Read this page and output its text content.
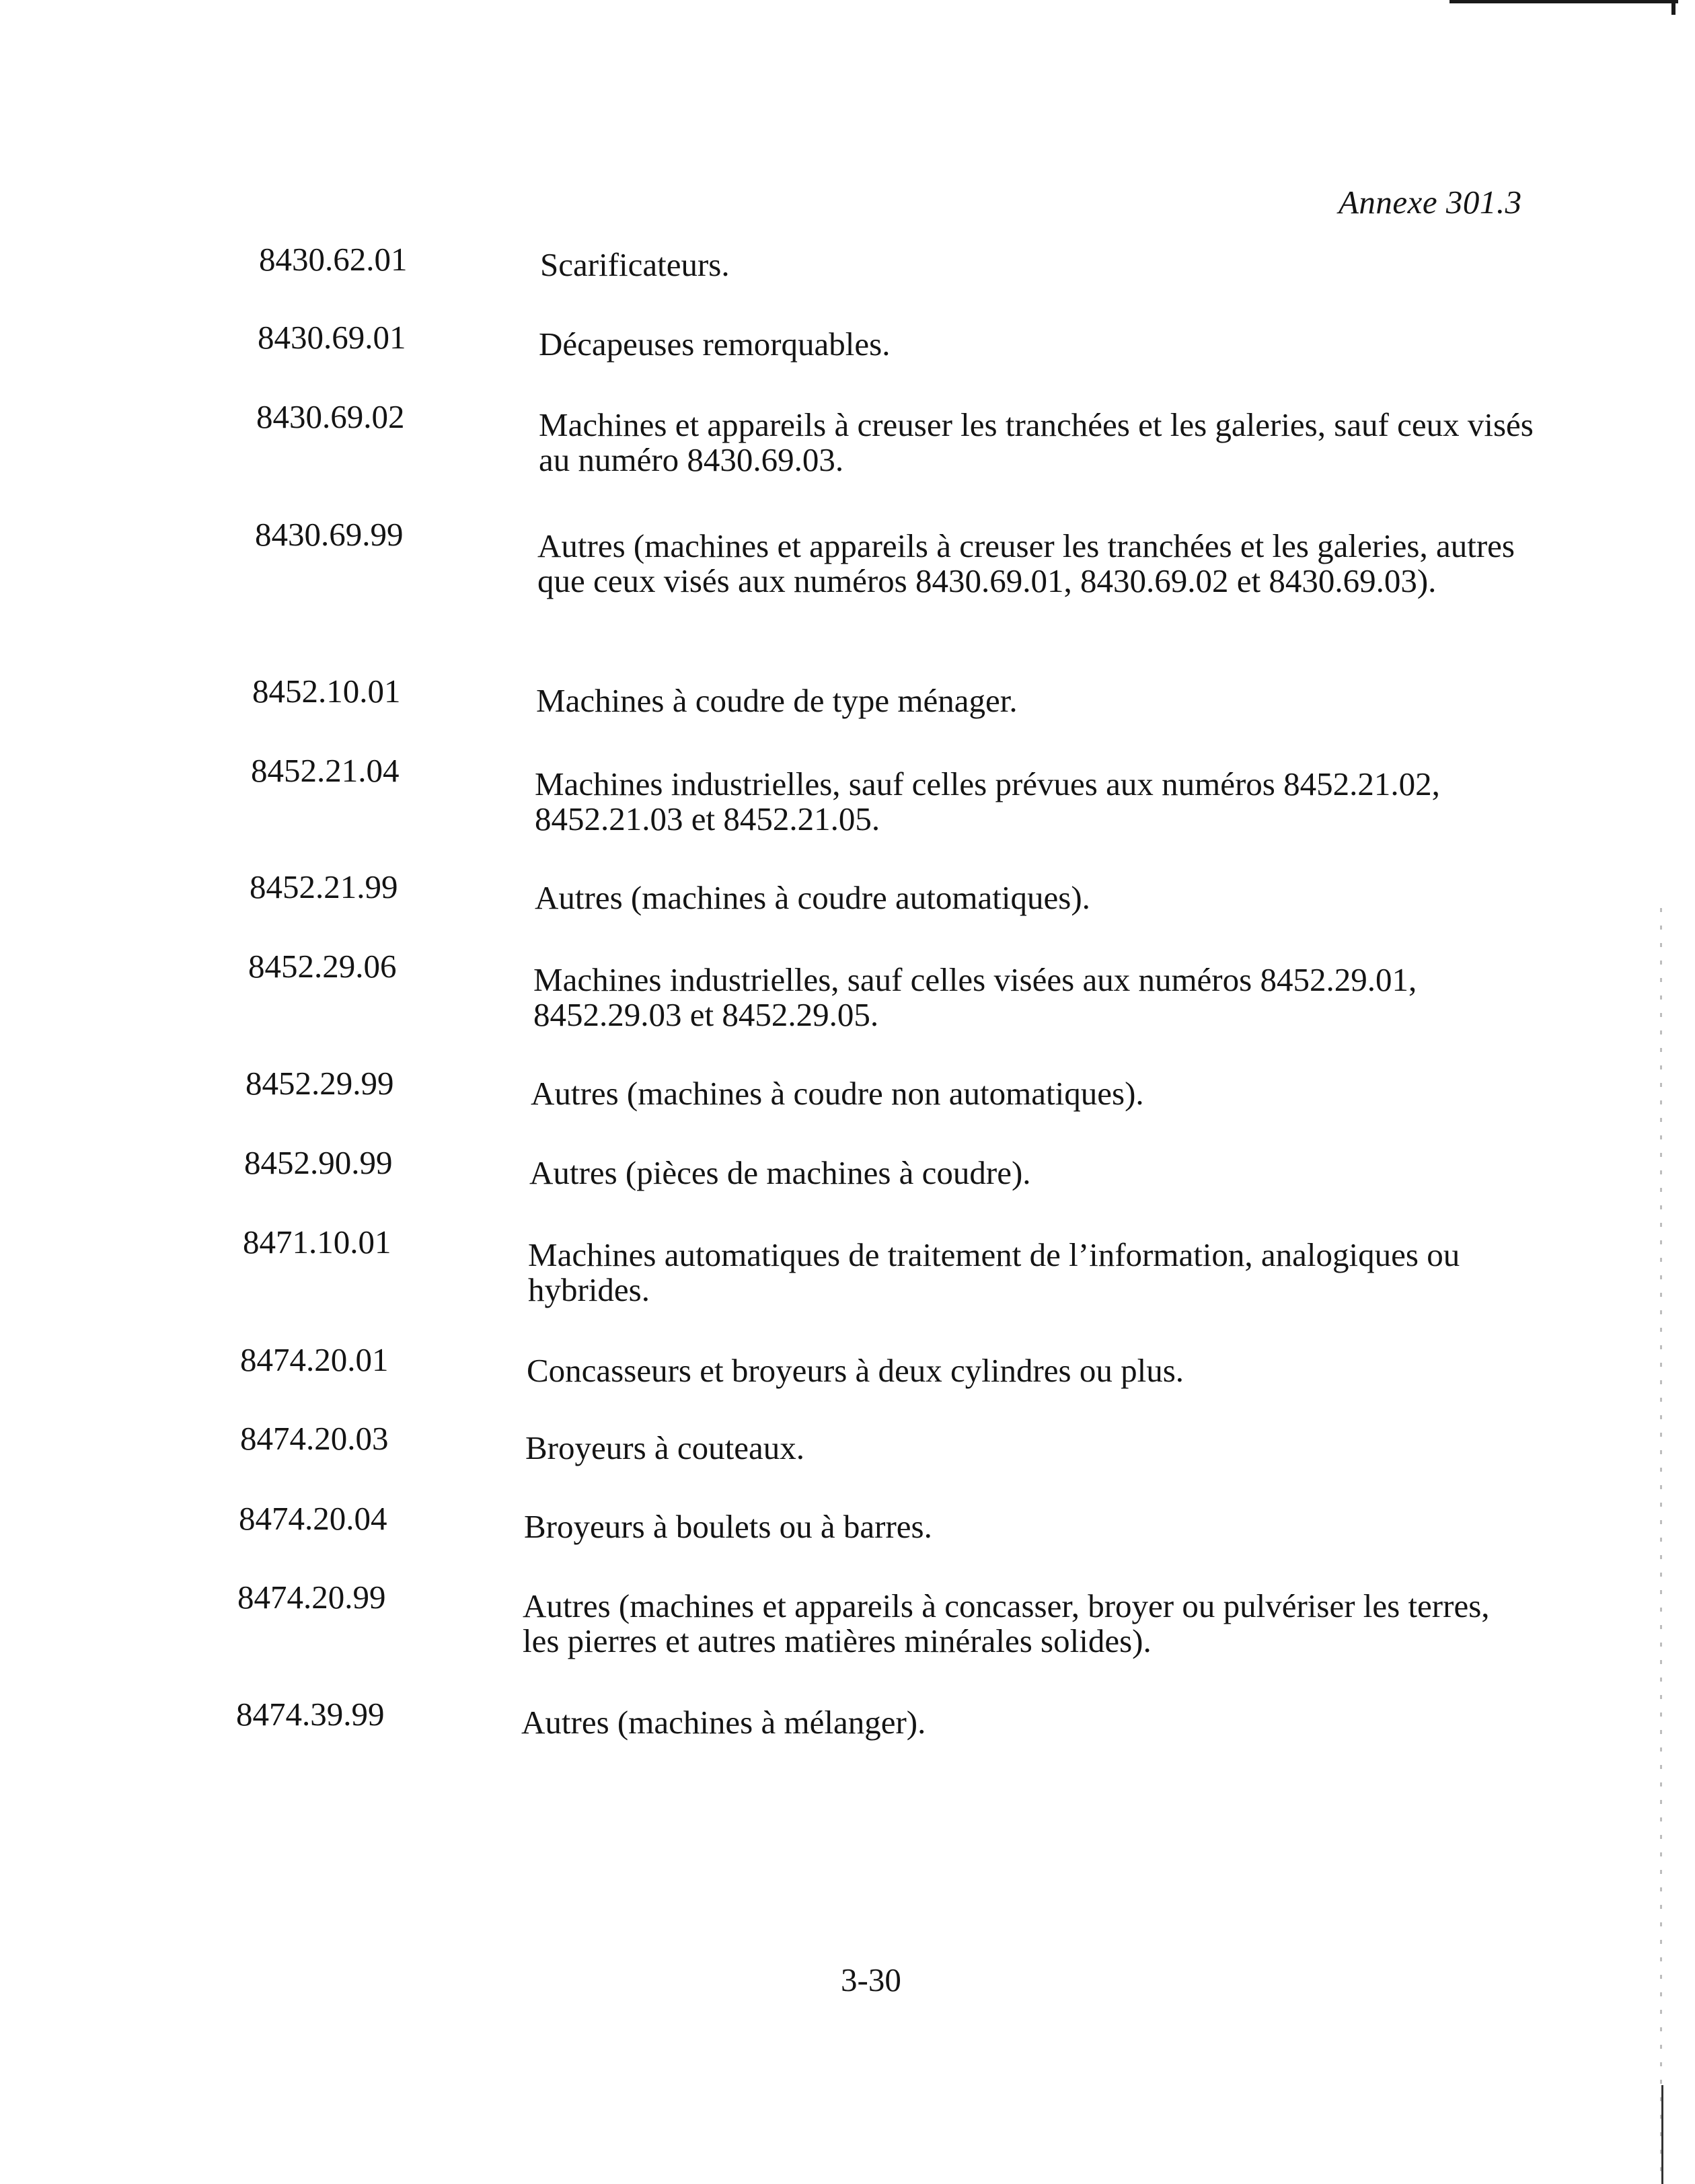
Annexe 301.3
8430.62.01	Scarificateurs.
8430.69.01	Décapeuses remorquables.
8430.69.02	Machines et appareils à creuser les tranchées et les galeries, sauf ceux visés au numéro 8430.69.03.
8430.69.99	Autres (machines et appareils à creuser les tranchées et les galeries, autres que ceux visés aux numéros 8430.69.01, 8430.69.02 et 8430.69.03).
8452.10.01	Machines à coudre de type ménager.
8452.21.04	Machines industrielles, sauf celles prévues aux numéros 8452.21.02, 8452.21.03 et 8452.21.05.
8452.21.99	Autres (machines à coudre automatiques).
8452.29.06	Machines industrielles, sauf celles visées aux numéros 8452.29.01, 8452.29.03 et 8452.29.05.
8452.29.99	Autres (machines à coudre non automatiques).
8452.90.99	Autres (pièces de machines à coudre).
8471.10.01	Machines automatiques de traitement de l’information, analogiques ou hybrides.
8474.20.01	Concasseurs et broyeurs à deux cylindres ou plus.
8474.20.03	Broyeurs à couteaux.
8474.20.04	Broyeurs à boulets ou à barres.
8474.20.99	Autres (machines et appareils à concasser, broyer ou pulvériser les terres, les pierres et autres matières minérales solides).
8474.39.99	Autres (machines à mélanger).
3-30
